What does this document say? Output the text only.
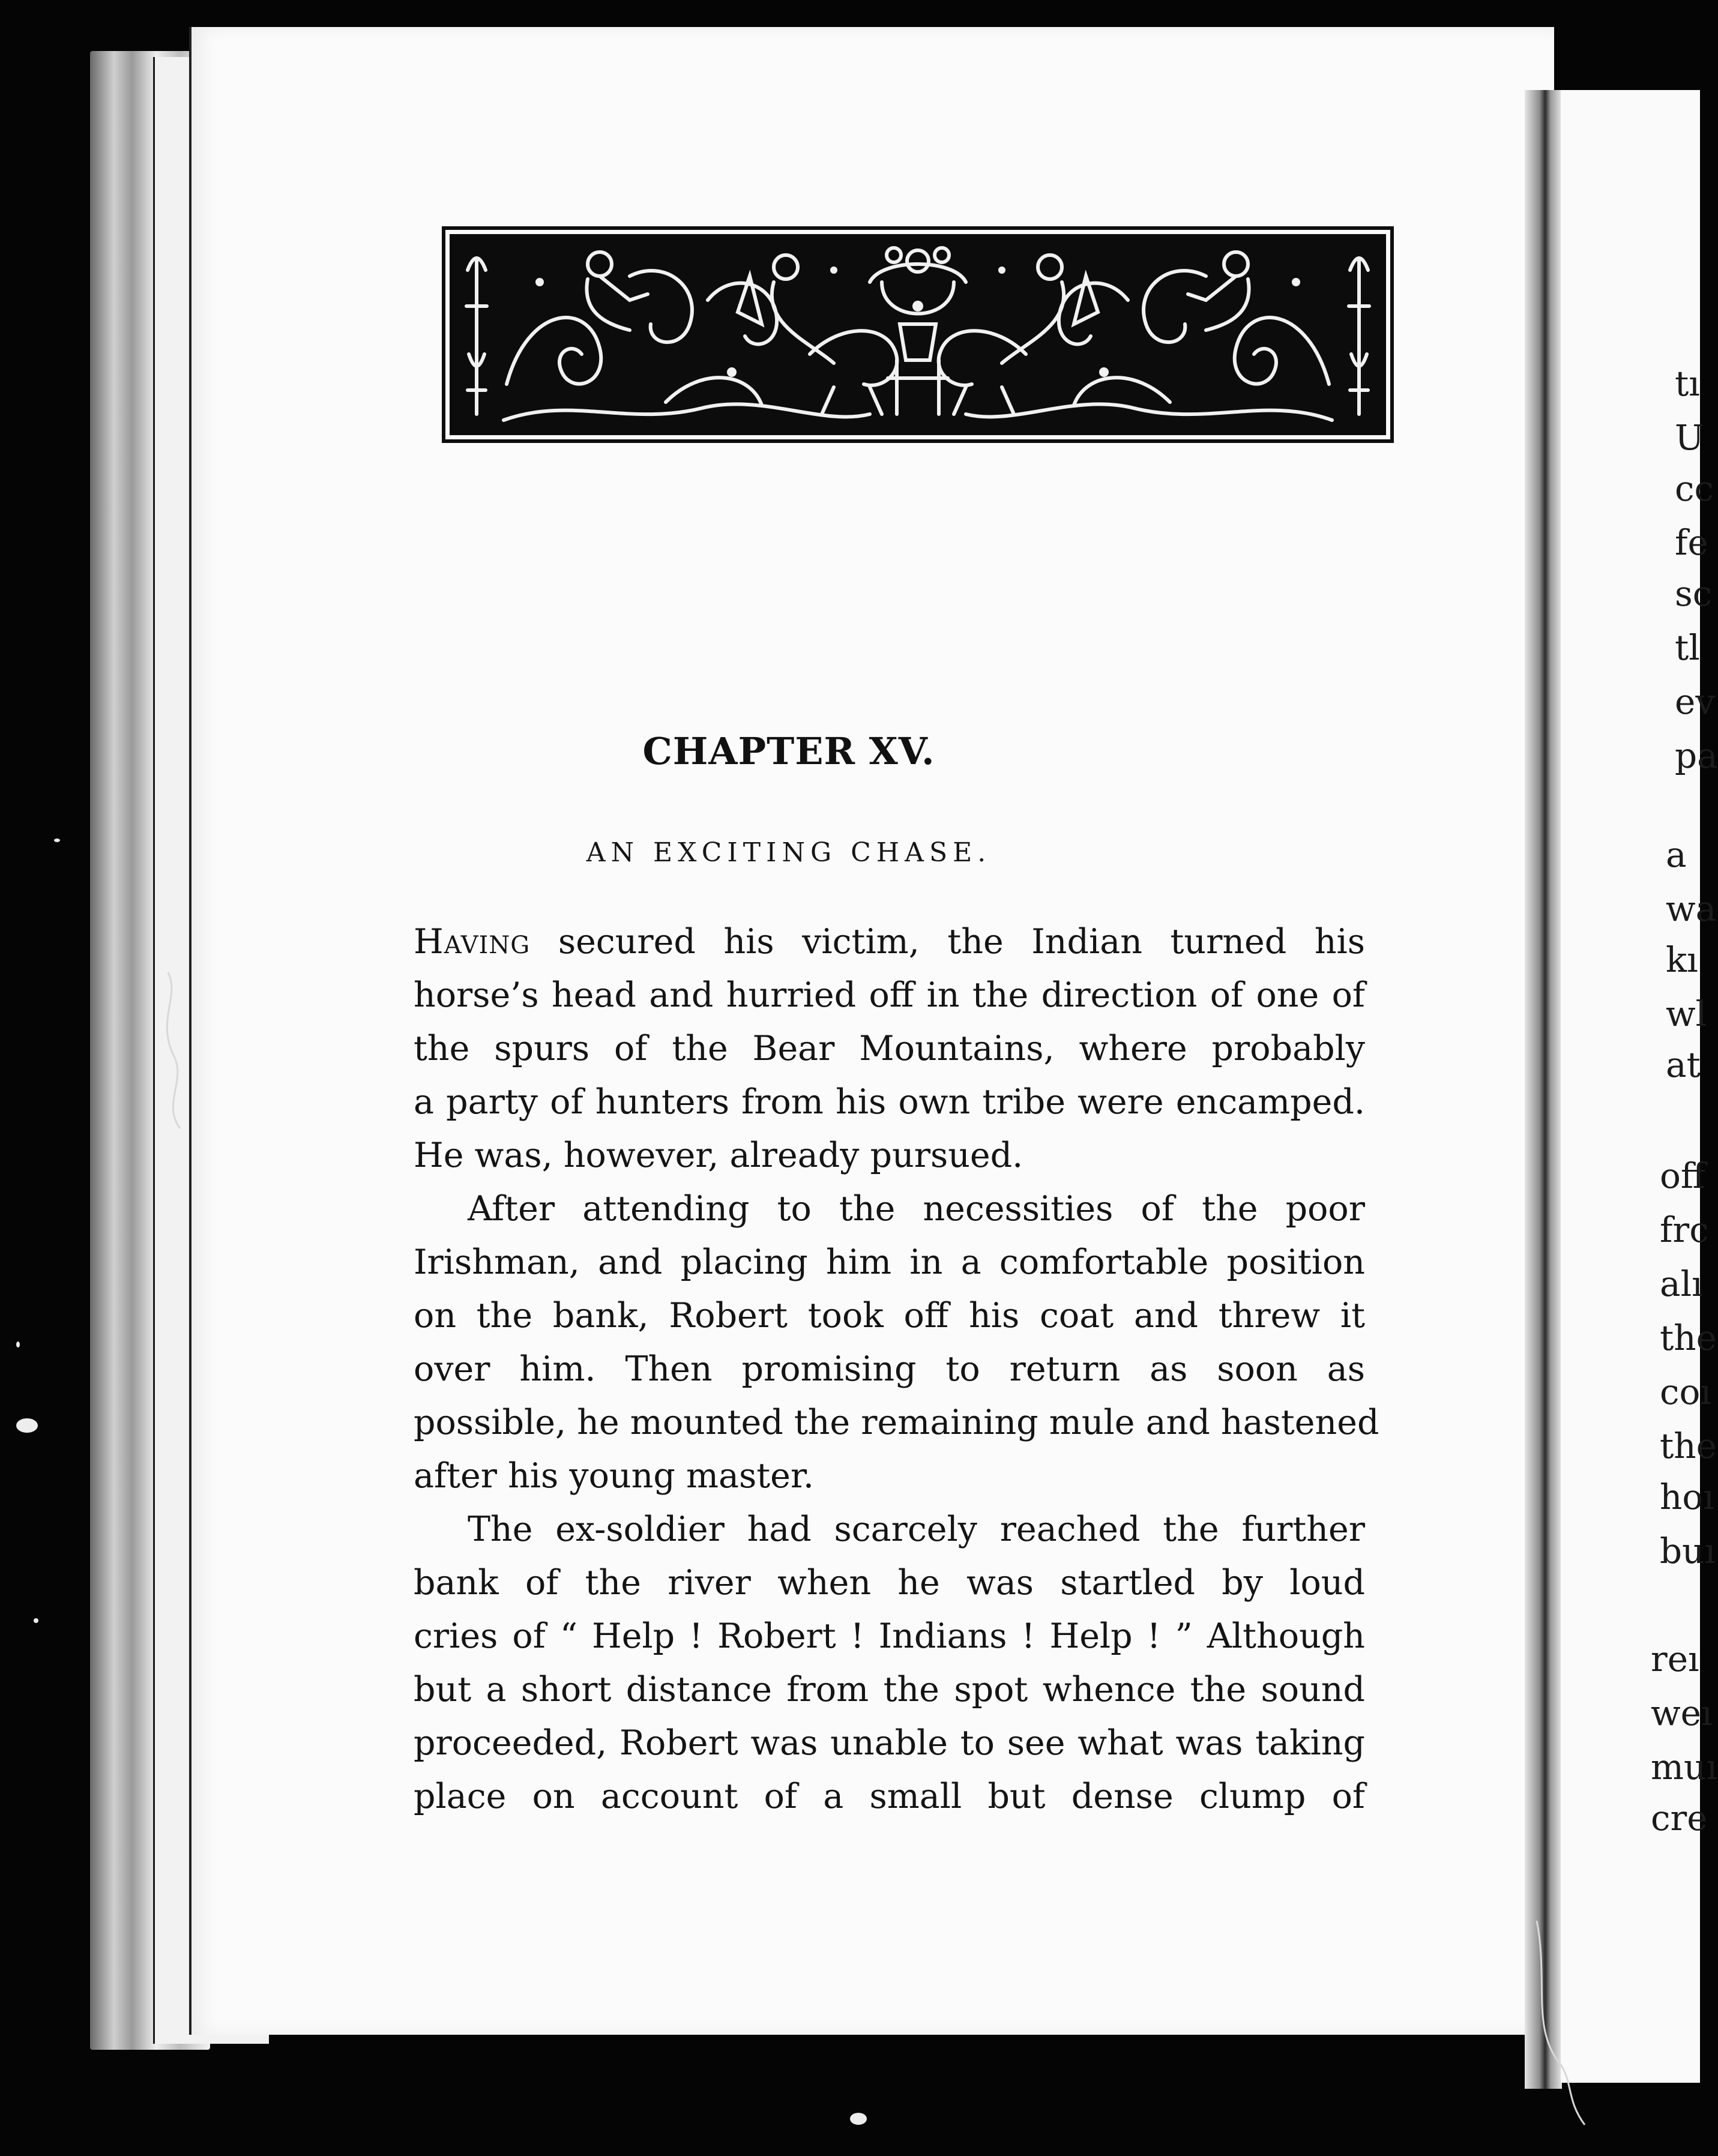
CHAPTER XV.
AN EXCITING CHASE.
Having secured his victim, the Indian turned his
horse’s head and hurried off in the direction of one of
the spurs of the Bear Mountains, where probably
a party of hunters from his own tribe were encamped.
He was, however, already pursued.
After attending to the necessities of the poor
Irishman, and placing him in a comfortable position
on the bank, Robert took off his coat and threw it
over him. Then promising to return as soon as
possible, he mounted the remaining mule and hastened
after his young master.
The ex-soldier had scarcely reached the further
bank of the river when he was startled by loud
cries of “ Help ! Robert ! Indians ! Help ! ” Although
but a short distance from the spot whence the sound
proceeded, Robert was unable to see what was taking
place on account of a small but dense clump of
tı
U
cc
fe
sc
tl
ev
pa
a
wa
kı
wl
at
off
frc
alı
the
coı
the
hoı
buı
reı
weı
muı
cre
